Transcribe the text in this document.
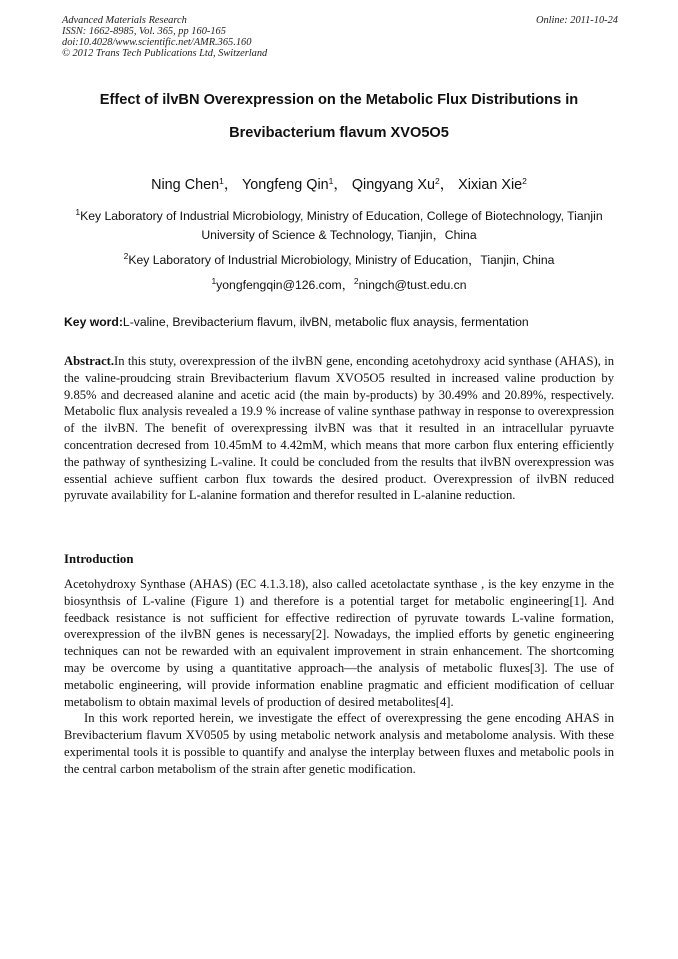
Advanced Materials Research
ISSN: 1662-8985, Vol. 365, pp 160-165
doi:10.4028/www.scientific.net/AMR.365.160
© 2012 Trans Tech Publications Ltd, Switzerland
Online: 2011-10-24
Effect of ilvBN Overexpression on the Metabolic Flux Distributions in
Brevibacterium flavum XVO5O5
Ning Chen$^1$， Yongfeng Qin$^1$， Qingyang Xu$^2$， Xixian Xie$^2$
$^1$Key Laboratory of Industrial Microbiology, Ministry of Education, College of Biotechnology, Tianjin
University of Science & Technology, Tianjin，China
$^2$Key Laboratory of Industrial Microbiology, Ministry of Education，Tianjin, China
$^1$yongfengqin@126.com，$^2$ningch@tust.edu.cn
Key word:L-valine, Brevibacterium flavum, ilvBN, metabolic flux anaysis, fermentation
Abstract.In this stuty, overexpression of the ilvBN gene, enconding acetohydroxy acid synthase (AHAS), in the valine-proudcing strain Brevibacterium flavum XVO5O5 resulted in increased valine production by 9.85% and decreased alanine and acetic acid (the main by-products) by 30.49% and 20.89%, respectively. Metabolic flux analysis revealed a 19.9 % increase of valine synthase pathway in response to overexpression of the ilvBN. The benefit of overexpressing ilvBN was that it resulted in an intracellular pyruavte concentration decresed from 10.45mM to 4.42mM, which means that more carbon flux entering efficiently the pathway of synthesizing L-valine. It could be concluded from the results that ilvBN overexpression was essential achieve suffient carbon flux towards the desired product. Overexpression of ilvBN reduced pyruvate availability for L-alanine formation and therefor resulted in L-alanine reduction.
Introduction

Acetohydroxy Synthase (AHAS) (EC 4.1.3.18), also called acetolactate synthase , is the key enzyme in the biosynthsis of L-valine (Figure 1) and therefore is a potential target for metabolic engineering[1]. And feedback resistance is not sufficient for effective redirection of pyruvate towards L-valine formation, overexpression of the ilvBN genes is necessary[2]. Nowadays, the implied efforts by genetic engineering techniques can not be rewarded with an equivalent improvement in strain enhancement. The shortcoming may be overcome by using a quantitative approach—the analysis of metabolic fluxes[3]. The use of metabolic engineering, will provide information enabline pragmatic and efficient modification of celluar metabolism to obtain maximal levels of production of desired metabolites[4].

In this work reported herein, we investigate the effect of overexpressing the gene encoding AHAS in Brevibacterium flavum XV0505 by using metabolic network analysis and metabolome analysis. With these experimental tools it is possible to quantify and analyse the interplay between fluxes and metabolic pools in the central carbon metabolism of the strain after genetic modification.
